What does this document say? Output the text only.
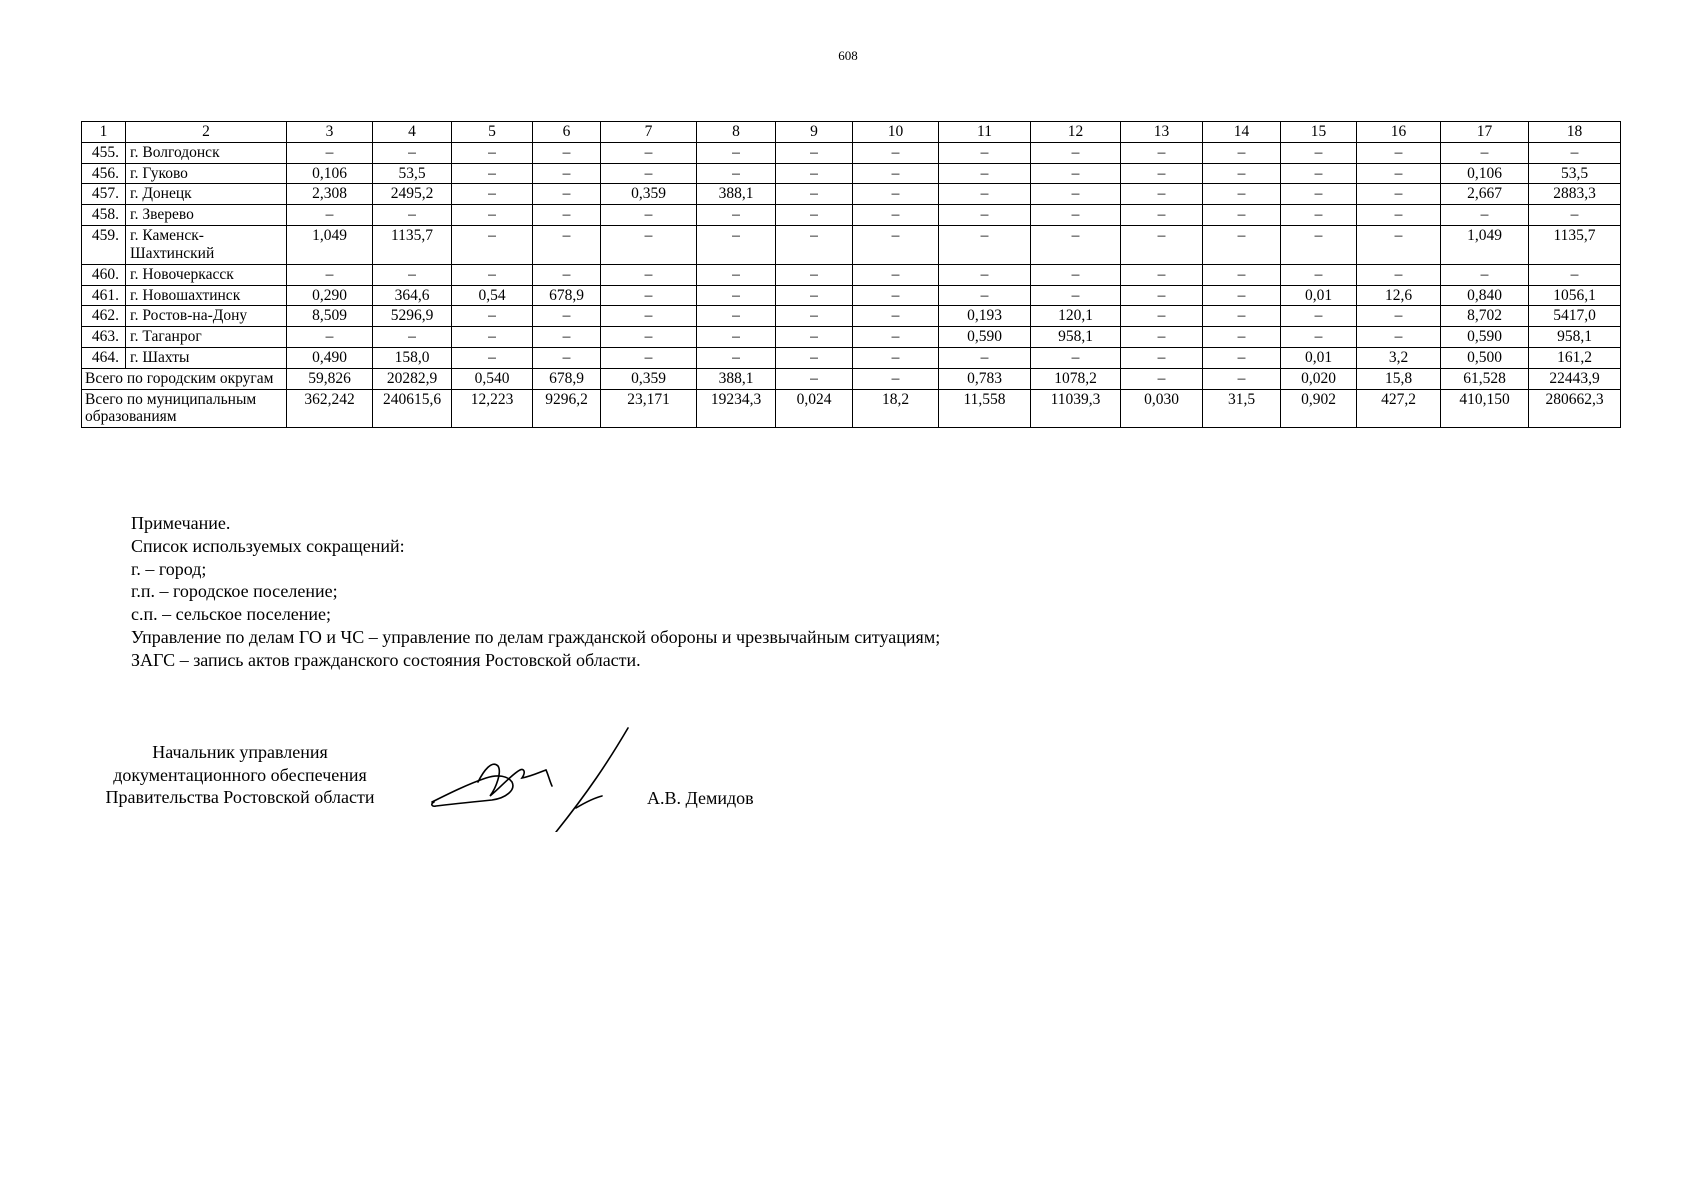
608
1	2	3	4	5	6	7	8	9	10	11	12	13	14	15	16	17	18
455.	г. Волгодонск	–	–	–	–	–	–	–	–	–	–	–	–	–	–	–	–
456.	г. Гуково	0,106	53,5	–	–	–	–	–	–	–	–	–	–	–	–	0,106	53,5
457.	г. Донецк	2,308	2495,2	–	–	0,359	388,1	–	–	–	–	–	–	–	–	2,667	2883,3
458.	г. Зверево	–	–	–	–	–	–	–	–	–	–	–	–	–	–	–	–
459.	г. Каменск-Шахтинский	1,049	1135,7	–	–	–	–	–	–	–	–	–	–	–	–	1,049	1135,7
460.	г. Новочеркасск	–	–	–	–	–	–	–	–	–	–	–	–	–	–	–	–
461.	г. Новошахтинск	0,290	364,6	0,54	678,9	–	–	–	–	–	–	–	–	0,01	12,6	0,840	1056,1
462.	г. Ростов-на-Дону	8,509	5296,9	–	–	–	–	–	–	0,193	120,1	–	–	–	–	8,702	5417,0
463.	г. Таганрог	–	–	–	–	–	–	–	–	0,590	958,1	–	–	–	–	0,590	958,1
464.	г. Шахты	0,490	158,0	–	–	–	–	–	–	–	–	–	–	0,01	3,2	0,500	161,2
Всего по городским округам		59,826	20282,9	0,540	678,9	0,359	388,1	–	–	0,783	1078,2	–	–	0,020	15,8	61,528	22443,9
Всего по муниципальным образованиям		362,242	240615,6	12,223	9296,2	23,171	19234,3	0,024	18,2	11,558	11039,3	0,030	31,5	0,902	427,2	410,150	280662,3
Примечание.
Список используемых сокращений:
г. – город;
г.п. – городское поселение;
с.п. – сельское поселение;
Управление по делам ГО и ЧС – управление по делам гражданской обороны и чрезвычайным ситуациям;
ЗАГС – запись актов гражданского состояния Ростовской области.
Начальник управления
документационного обеспечения
Правительства Ростовской области	А.В. Демидов
